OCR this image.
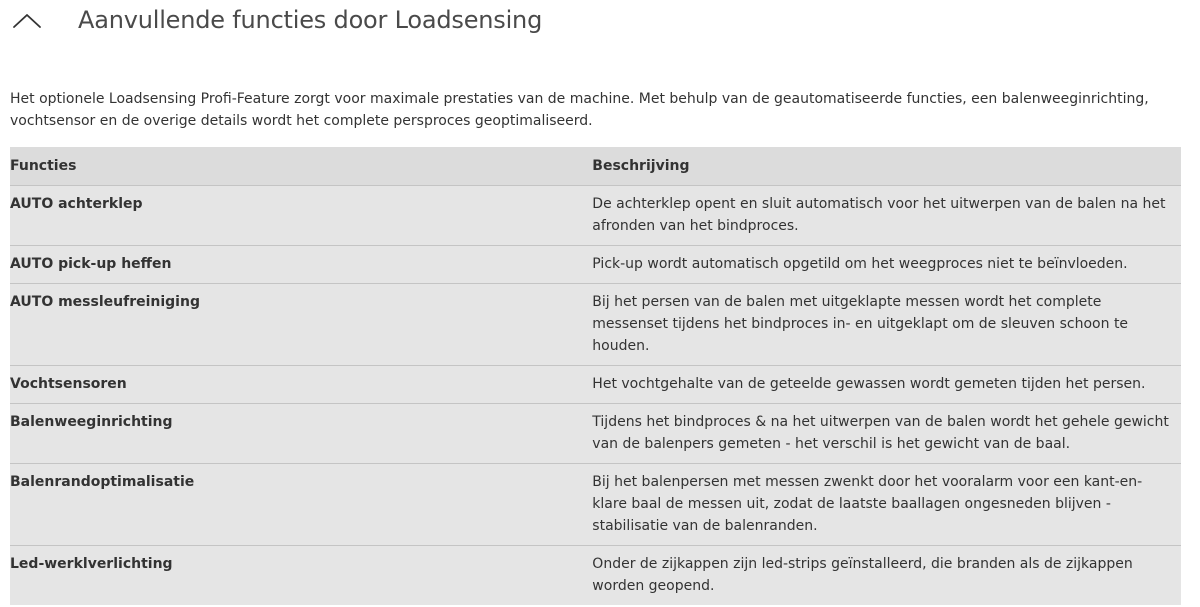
Aanvullende functies door Loadsensing

Het optionele Loadsensing Profi-Feature zorgt voor maximale prestaties van de machine. Met behulp van de geautomatiseerde functies, een balenweeginrichting, vochtsensor en de overige details wordt het complete persproces geoptimaliseerd.

Functies	Beschrijving
AUTO achterklep	De achterklep opent en sluit automatisch voor het uitwerpen van de balen na het afronden van het bindproces.
AUTO pick-up heffen	Pick-up wordt automatisch opgetild om het weegproces niet te beïnvloeden.
AUTO messleufreiniging	Bij het persen van de balen met uitgeklapte messen wordt het complete messenset tijdens het bindproces in- en uitgeklapt om de sleuven schoon te houden.
Vochtsensoren	Het vochtgehalte van de geteelde gewassen wordt gemeten tijden het persen.
Balenweeginrichting	Tijdens het bindproces & na het uitwerpen van de balen wordt het gehele gewicht van de balenpers gemeten - het verschil is het gewicht van de baal.
Balenrandoptimalisatie	Bij het balenpersen met messen zwenkt door het vooralarm voor een kant-en-klare baal de messen uit, zodat de laatste baallagen ongesneden blijven - stabilisatie van de balenranden.
Led-werklverlichting	Onder de zijkappen zijn led-strips geïnstalleerd, die branden als de zijkappen worden geopend.
